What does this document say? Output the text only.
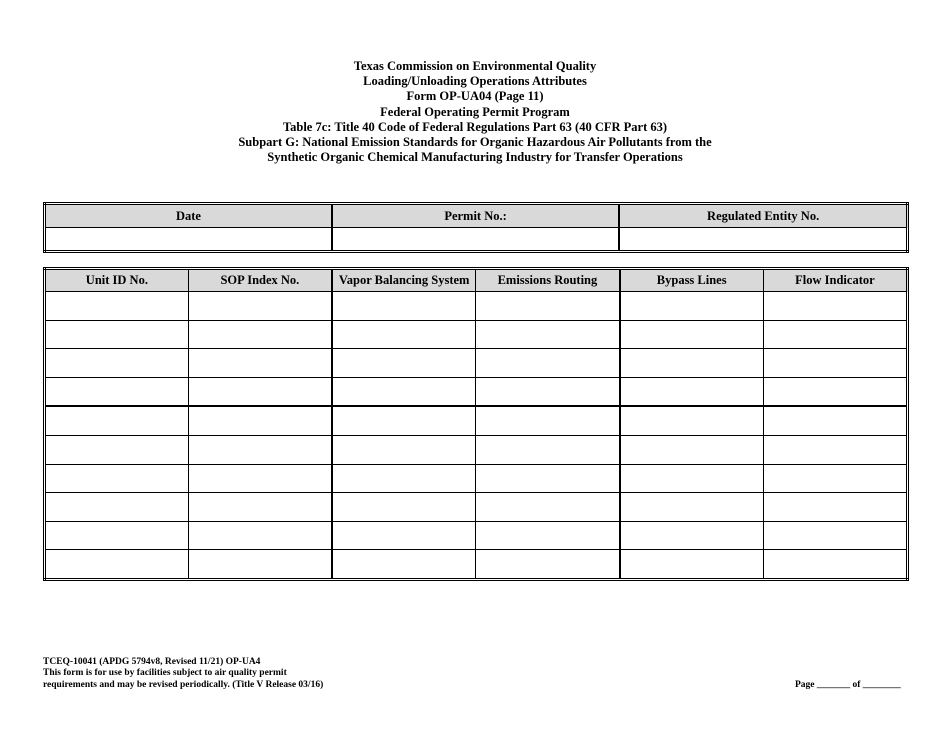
Texas Commission on Environmental Quality
Loading/Unloading Operations Attributes
Form OP-UA04 (Page 11)
Federal Operating Permit Program
Table 7c: Title 40 Code of Federal Regulations Part 63 (40 CFR Part 63)
Subpart G: National Emission Standards for Organic Hazardous Air Pollutants from the
Synthetic Organic Chemical Manufacturing Industry for Transfer Operations
Date	Permit No.:	Regulated Entity No.

Unit ID No.	SOP Index No.	Vapor Balancing System	Emissions Routing	Bypass Lines	Flow Indicator

TCEQ-10041 (APDG 5794v8, Revised 11/21) OP-UA4
This form is for use by facilities subject to air quality permit
requirements and may be revised periodically. (Title V Release 03/16)	Page _______ of ________
